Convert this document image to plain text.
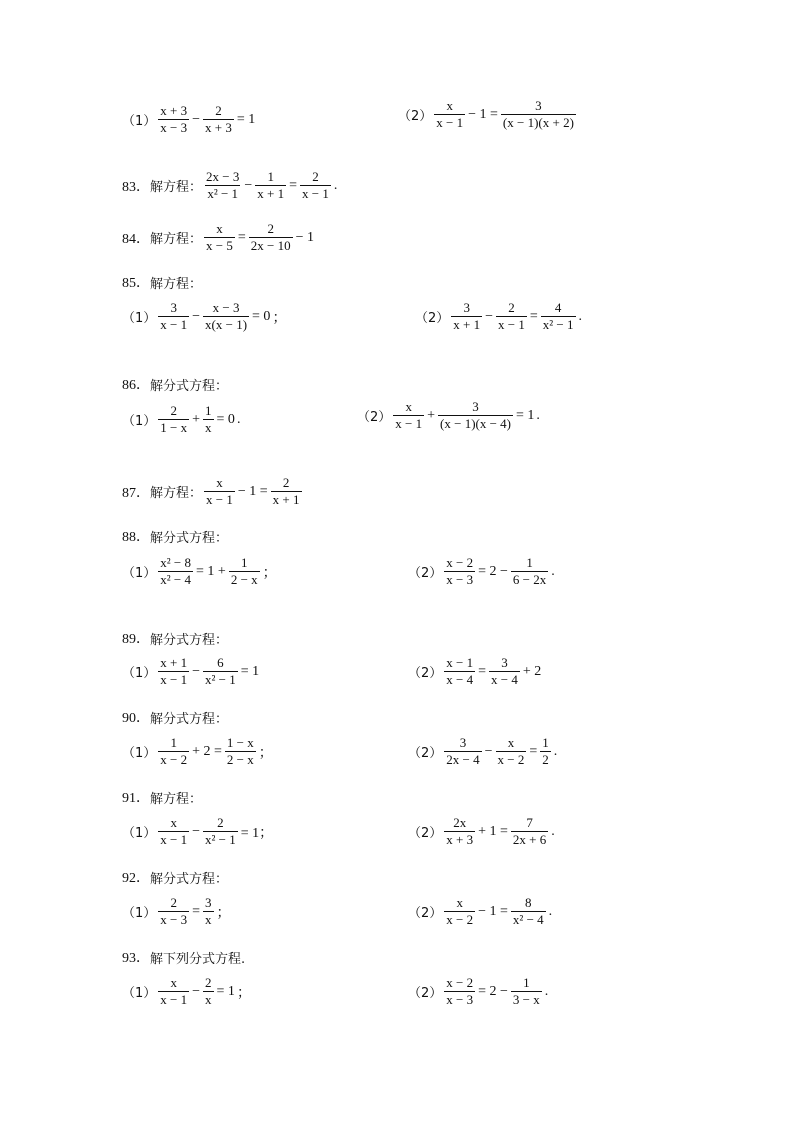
$(1) \frac{x + 3}{x - 3} - \frac{2}{x + 3} = 1$	$(2) \frac{x}{x - 1} - 1 = \frac{3}{(x - 1)(x + 2)}$
83． 解方程： $\frac{2x - 3}{\text{x² − 1}} - \frac{1}{x + 1} = \frac{2}{x - 1}$ .
84． 解方程： $\frac{x}{x - 5} = \frac{2}{2x - 10} - 1$
85． 解方程：
$(1) \frac{3}{x - 1} - \frac{x - 3}{x(x - 1)} = 0$ ；	$(2) \frac{3}{x + 1} - \frac{2}{x - 1} = \frac{4}{\text{x² − 1}}$ .
86． 解分式方程：
$(1) \frac{2}{1 - x} + \frac{1}{x} = 0$ .	$(2) \frac{x}{x - 1} + \frac{3}{(x - 1)(x - 4)} = 1$ .
87． 解方程： $\frac{x}{x - 1} - 1 = \frac{2}{x + 1}$
88． 解分式方程：
$(1) \frac{\text{x² − 8}}{\text{x² − 4}} = 1 + \frac{1}{2 - x}$ ；	$(2) \frac{x - 2}{x - 3} = 2 - \frac{1}{6 - 2x}$ .
89． 解分式方程：
$(1) \frac{x + 1}{x - 1} - \frac{6}{\text{x² − 1}} = 1$	$(2) \frac{x - 1}{x - 4} = \frac{3}{x - 4} + 2$
90． 解分式方程：
$(1) \frac{1}{x - 2} + 2 = \frac{1 - x}{2 - x}$ ；	$(2) \frac{3}{2x - 4} - \frac{x}{x - 2} = \frac{1}{2}$ .
91． 解方程：
$(1) \frac{x}{x - 1} - \frac{2}{\text{x² − 1}} = 1$；	$(2) \frac{2x}{x + 3} + 1 = \frac{7}{2x + 6}$ .
92． 解分式方程：
$(1) \frac{2}{x - 3} = \frac{3}{x}$ ；	$(2) \frac{x}{x - 2} - 1 = \frac{8}{\text{x² − 4}}$ .
93． 解下列分式方程.
$(1) \frac{x}{x - 1} - \frac{2}{x} = 1$ ；	$(2) \frac{x - 2}{x - 3} = 2 - \frac{1}{3 - x}$ .
